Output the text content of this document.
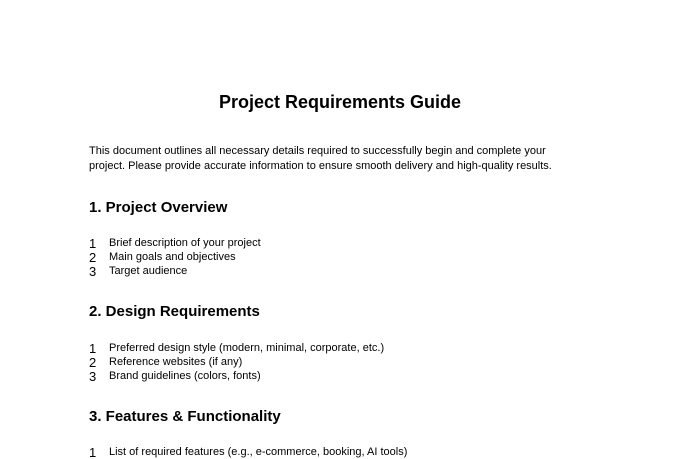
Project Requirements Guide

This document outlines all necessary details required to successfully begin and complete your
project. Please provide accurate information to ensure smooth delivery and high-quality results.

1. Project Overview
1 Brief description of your project
2 Main goals and objectives
3 Target audience
2. Design Requirements
1 Preferred design style (modern, minimal, corporate, etc.)
2 Reference websites (if any)
3 Brand guidelines (colors, fonts)
3. Features & Functionality
1 List of required features (e.g., e-commerce, booking, AI tools)
